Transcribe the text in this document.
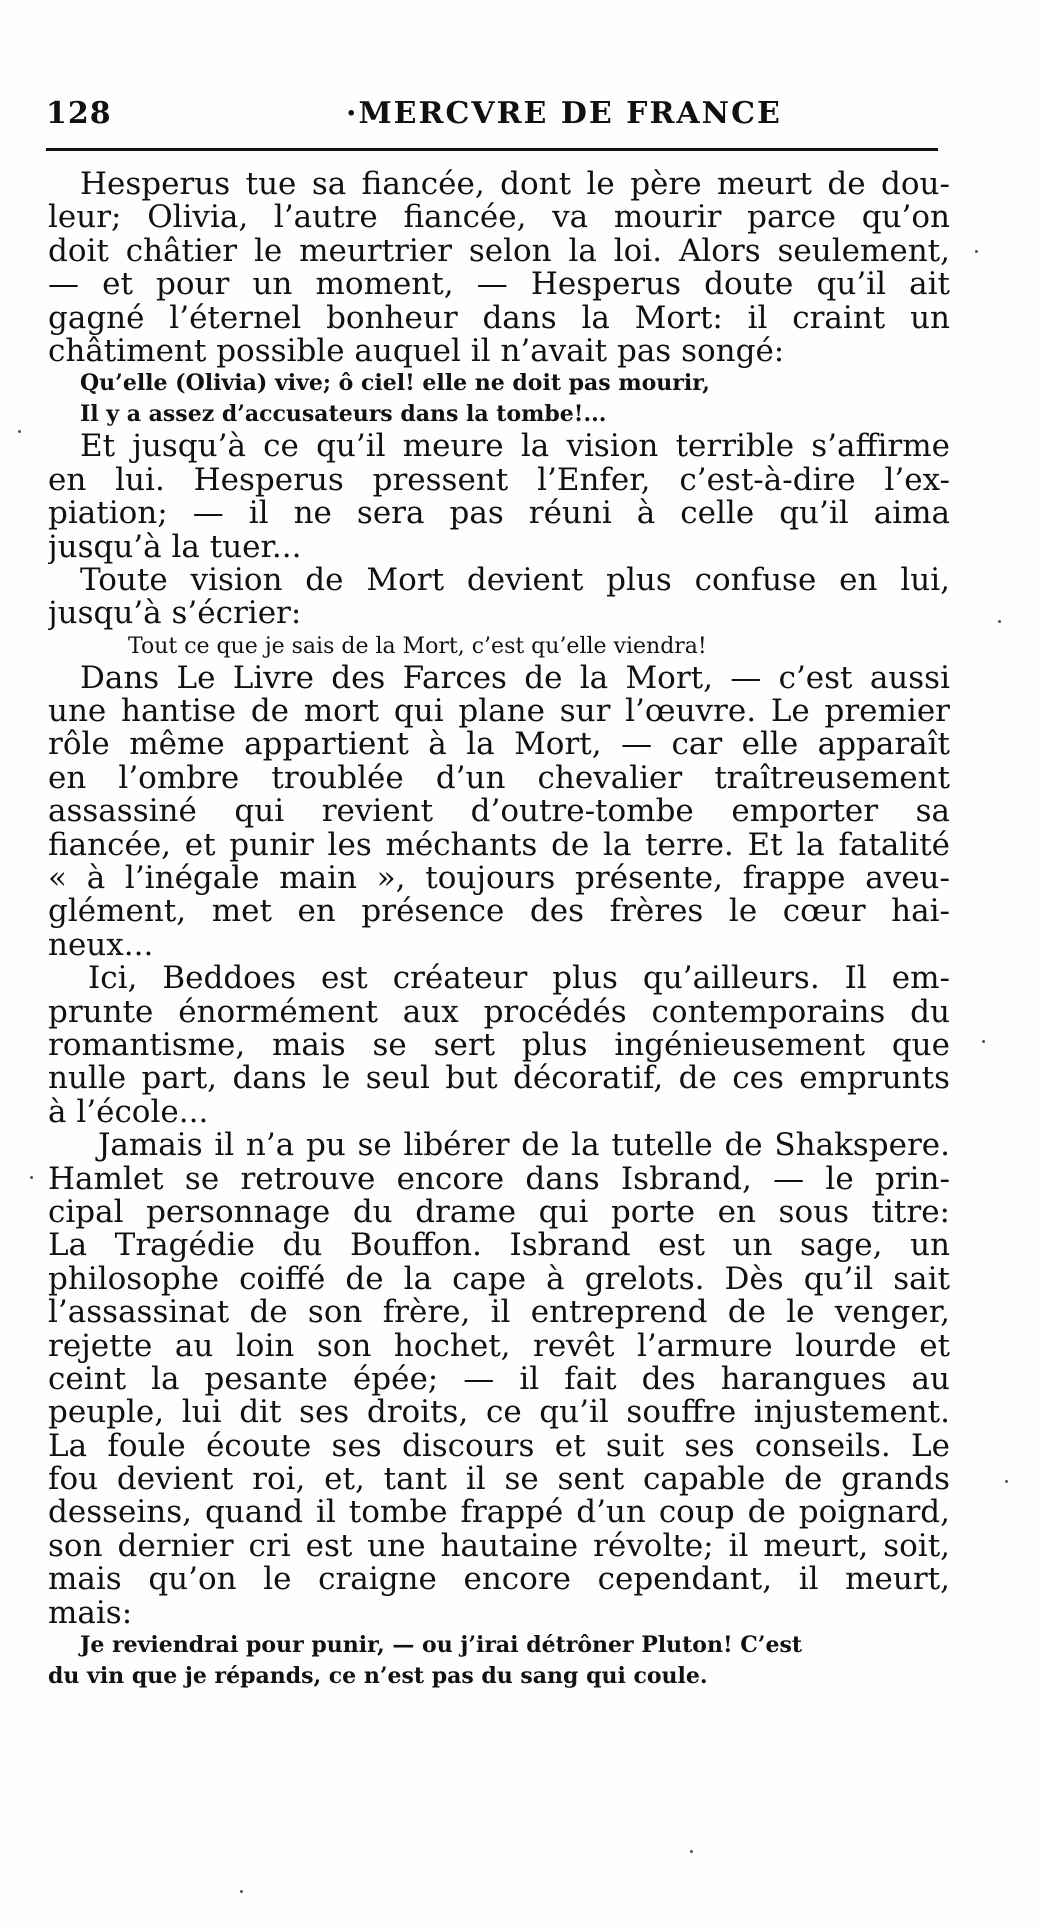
128	·MERCVRE DE FRANCE
Hesperus tue sa fiancée, dont le père meurt de dou-
leur; Olivia, l’autre fiancée, va mourir parce qu’on
doit châtier le meurtrier selon la loi. Alors seulement,
— et pour un moment, — Hesperus doute qu’il ait
gagné l’éternel bonheur dans la Mort: il craint un
châtiment possible auquel il n’avait pas songé:
Qu’elle (Olivia) vive; ô ciel! elle ne doit pas mourir,
Il y a assez d’accusateurs dans la tombe!...
Et jusqu’à ce qu’il meure la vision terrible s’affirme
en lui. Hesperus pressent l’Enfer, c’est-à-dire l’ex-
piation; — il ne sera pas réuni à celle qu’il aima
jusqu’à la tuer...
Toute vision de Mort devient plus confuse en lui,
jusqu’à s’écrier:
Tout ce que je sais de la Mort, c’est qu’elle viendra!
Dans Le Livre des Farces de la Mort, — c’est aussi
une hantise de mort qui plane sur l’œuvre. Le premier
rôle même appartient à la Mort, — car elle apparaît
en l’ombre troublée d’un chevalier traîtreusement
assassiné qui revient d’outre-tombe emporter sa
fiancée, et punir les méchants de la terre. Et la fatalité
« à l’inégale main », toujours présente, frappe aveu-
glément, met en présence des frères le cœur hai-
neux...
Ici, Beddoes est créateur plus qu’ailleurs. Il em-
prunte énormément aux procédés contemporains du
romantisme, mais se sert plus ingénieusement que
nulle part, dans le seul but décoratif, de ces emprunts
à l’école...
Jamais il n’a pu se libérer de la tutelle de Shakspere.
Hamlet se retrouve encore dans Isbrand, — le prin-
cipal personnage du drame qui porte en sous titre:
La Tragédie du Bouffon. Isbrand est un sage, un
philosophe coiffé de la cape à grelots. Dès qu’il sait
l’assassinat de son frère, il entreprend de le venger,
rejette au loin son hochet, revêt l’armure lourde et
ceint la pesante épée; — il fait des harangues au
peuple, lui dit ses droits, ce qu’il souffre injustement.
La foule écoute ses discours et suit ses conseils. Le
fou devient roi, et, tant il se sent capable de grands
desseins, quand il tombe frappé d’un coup de poignard,
son dernier cri est une hautaine révolte; il meurt, soit,
mais qu’on le craigne encore cependant, il meurt,
mais:
Je reviendrai pour punir, — ou j’irai détrôner Pluton! C’est
du vin que je répands, ce n’est pas du sang qui coule.
